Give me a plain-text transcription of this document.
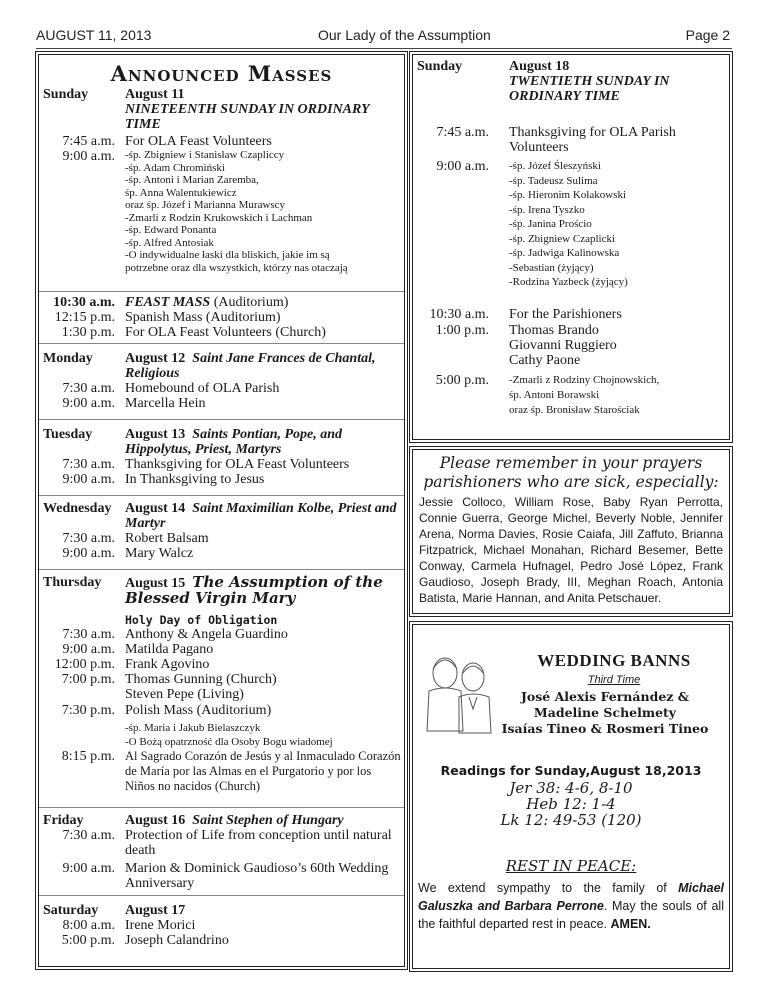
AUGUST 11, 2013	Our Lady of the Assumption	Page 2
Announced Masses
Sunday	August 11
NINETEENTH SUNDAY IN ORDINARY TIME
7:45 a.m. For OLA Feast Volunteers
9:00 a.m. -śp. Zbigniew i Stanisław Czapliccy
-śp. Adam Chromiński
-śp. Antoni i Marian Zaremba,
śp. Anna Walentukiewicz
oraz śp. Józef i Marianna Murawscy
-Zmarli z Rodzin Krukowskich i Lachman
-śp. Edward Ponanta
-śp. Alfred Antosiak
-O indywidualne łaski dla bliskich, jakie im są
potrzebne oraz dla wszystkich, którzy nas otaczają
10:30 a.m. FEAST MASS (Auditorium)
12:15 p.m. Spanish Mass (Auditorium)
1:30 p.m. For OLA Feast Volunteers (Church)
Monday August 12 Saint Jane Frances de Chantal, Religious
7:30 a.m. Homebound of OLA Parish
9:00 a.m. Marcella Hein
Tuesday August 13 Saints Pontian, Pope, and Hippolytus, Priest, Martyrs
7:30 a.m. Thanksgiving for OLA Feast Volunteers
9:00 a.m. In Thanksgiving to Jesus
Wednesday August 14 Saint Maximilian Kolbe, Priest and Martyr
7:30 a.m. Robert Balsam
9:00 a.m. Mary Walcz
Thursday August 15 The Assumption of the Blessed Virgin Mary
Holy Day of Obligation
7:30 a.m. Anthony & Angela Guardino
9:00 a.m. Matilda Pagano
12:00 p.m. Frank Agovino
7:00 p.m. Thomas Gunning (Church)
Steven Pepe (Living)
7:30 p.m. Polish Mass (Auditorium)
-śp. Maria i Jakub Bielaszczyk
-O Bożą opatrzność dla Osoby Bogu wiadomej
8:15 p.m. Al Sagrado Corazón de Jesús y al Inmaculado Corazón de María por las Almas en el Purgatorio y por los Niños no nacidos (Church)
Friday	August 16 Saint Stephen of Hungary
7:30 a.m. Protection of Life from conception until natural death
9:00 a.m. Marion & Dominick Gaudioso’s 60th Wedding Anniversary
Saturday August 17
8:00 a.m. Irene Morici
5:00 p.m. Joseph Calandrino
Sunday	August 18
TWENTIETH SUNDAY IN ORDINARY TIME
7:45 a.m. Thanksgiving for OLA Parish Volunteers
9:00 a.m. -śp. Józef Śleszyński
-śp. Tadeusz Sulima
-śp. Hieronim Kołakowski
-śp. Irena Tyszko
-śp. Janina Prościo
-śp. Zbigniew Czaplicki
-śp. Jadwiga Kalinowska
-Sebastian (żyjący)
-Rodzina Yazbeck (żyjący)
10:30 a.m. For the Parishioners
1:00 p.m. Thomas Brando
Giovanni Ruggiero
Cathy Paone
5:00 p.m. -Zmarli z Rodziny Chojnowskich,
śp. Antoni Borawski
oraz śp. Bronisław Starościak
Please remember in your prayers parishioners who are sick, especially:
Jessie Colloco, William Rose, Baby Ryan Perrotta, Connie Guerra, George Michel, Beverly Noble, Jennifer Arena, Norma Davies, Rosie Caiafa, Jill Zaffuto, Brianna Fitzpatrick, Michael Monahan, Richard Besemer, Bette Conway, Carmela Hufnagel, Pedro José López, Frank Gaudioso, Joseph Brady, III, Meghan Roach, Antonia Batista, Marie Hannan, and Anita Petschauer.
WEDDING BANNS
Third Time
José Alexis Fernández &
Madeline Schelmety
Isaías Tineo & Rosmeri Tineo
Readings for Sunday,August 18,2013
Jer 38: 4-6, 8-10
Heb 12: 1-4
Lk 12: 49-53 (120)
REST IN PEACE:
We extend sympathy to the family of Michael Galuszka and Barbara Perrone. May the souls of all the faithful departed rest in peace. AMEN.
